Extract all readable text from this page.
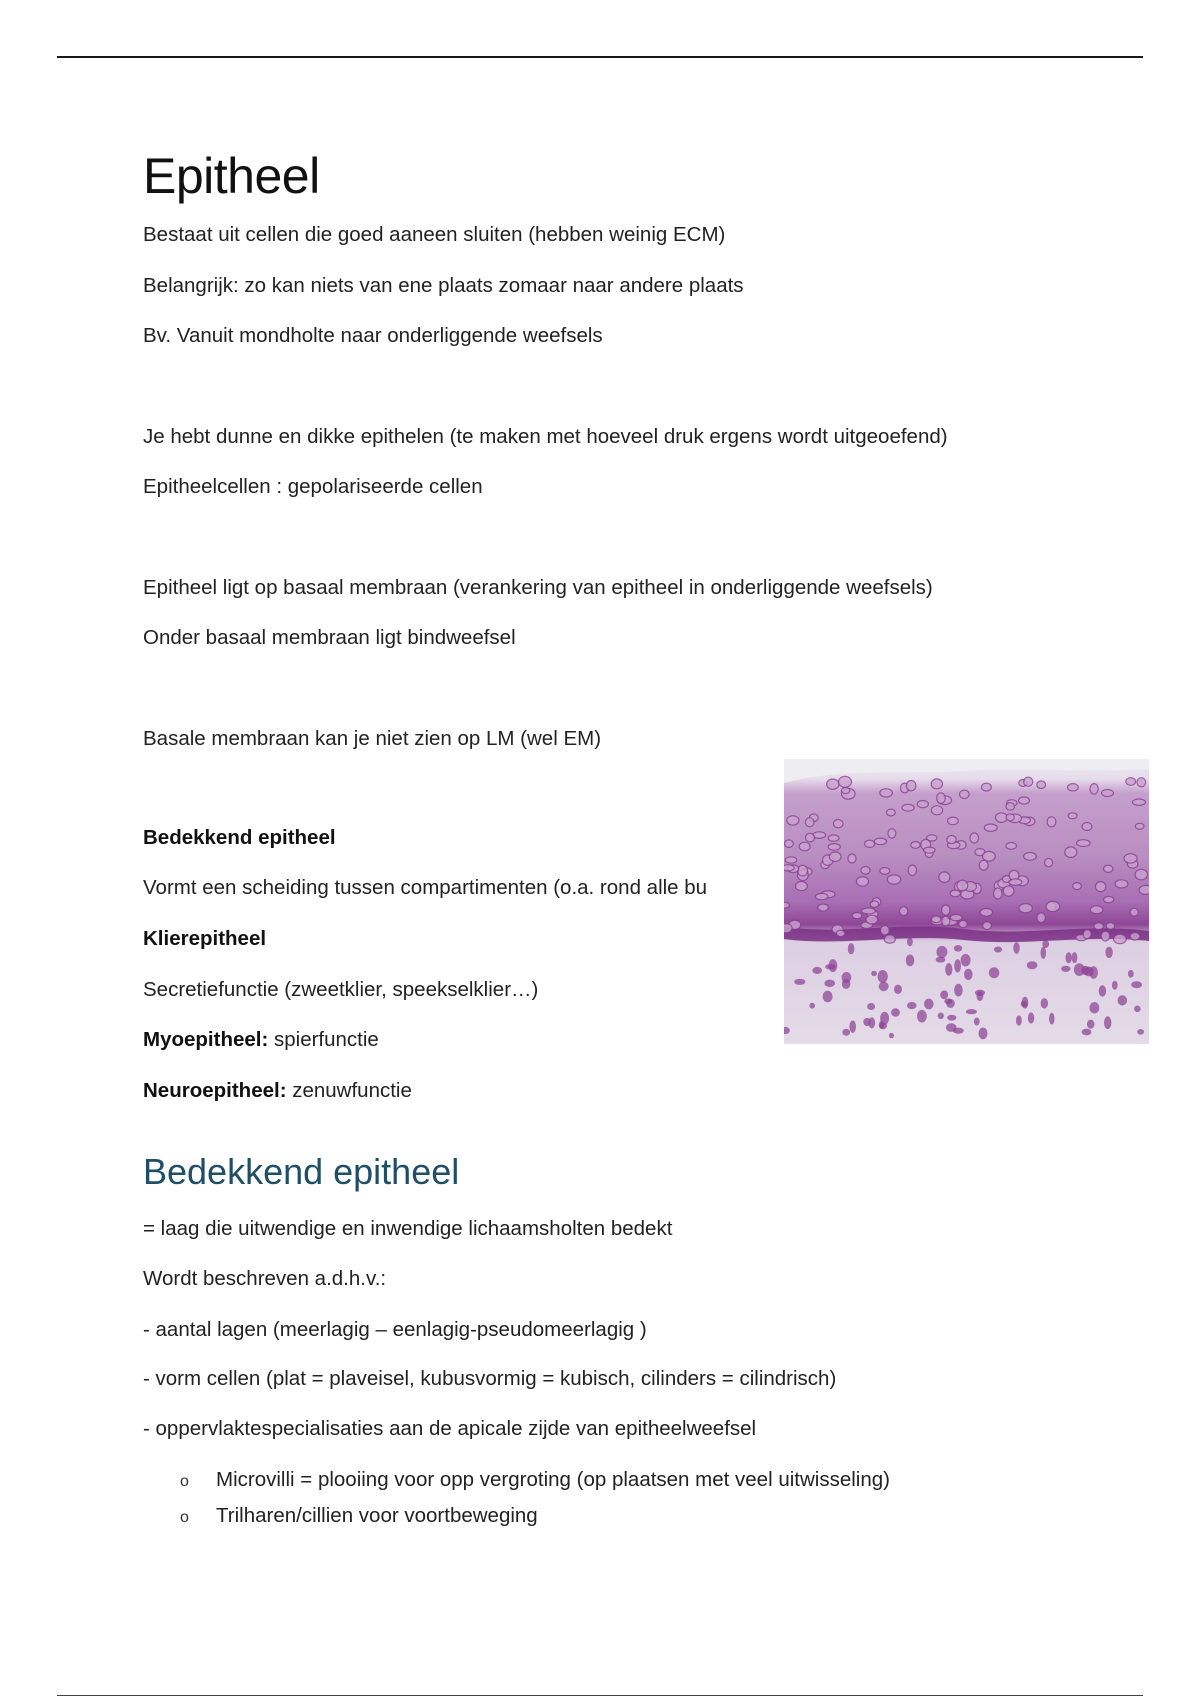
Epitheel
Bestaat uit cellen die goed aaneen sluiten (hebben weinig ECM)
Belangrijk: zo kan niets van ene plaats zomaar naar andere plaats
Bv. Vanuit mondholte naar onderliggende weefsels
Je hebt dunne en dikke epithelen (te maken met hoeveel druk ergens wordt uitgeoefend)
Epitheelcellen : gepolariseerde cellen
Epitheel ligt op basaal membraan (verankering van epitheel in onderliggende weefsels)
Onder basaal membraan ligt bindweefsel
Basale membraan kan je niet zien op LM (wel EM)
Bedekkend epitheel
Vormt een scheiding tussen compartimenten (o.a. rond alle bu
Klierepitheel
Secretiefunctie (zweetklier, speekselklier…)
Myoepitheel: spierfunctie
Neuroepitheel: zenuwfunctie
Bedekkend epitheel
= laag die uitwendige en inwendige lichaamsholten bedekt
Wordt beschreven a.d.h.v.:
- aantal lagen (meerlagig – eenlagig-pseudomeerlagig )
- vorm cellen (plat = plaveisel, kubusvormig = kubisch, cilinders = cilindrisch)
- oppervlaktespecialisaties aan de apicale zijde van epitheelweefsel
o Microvilli = plooiing voor opp vergroting (op plaatsen met veel uitwisseling)
o Trilharen/cillien voor voortbeweging
